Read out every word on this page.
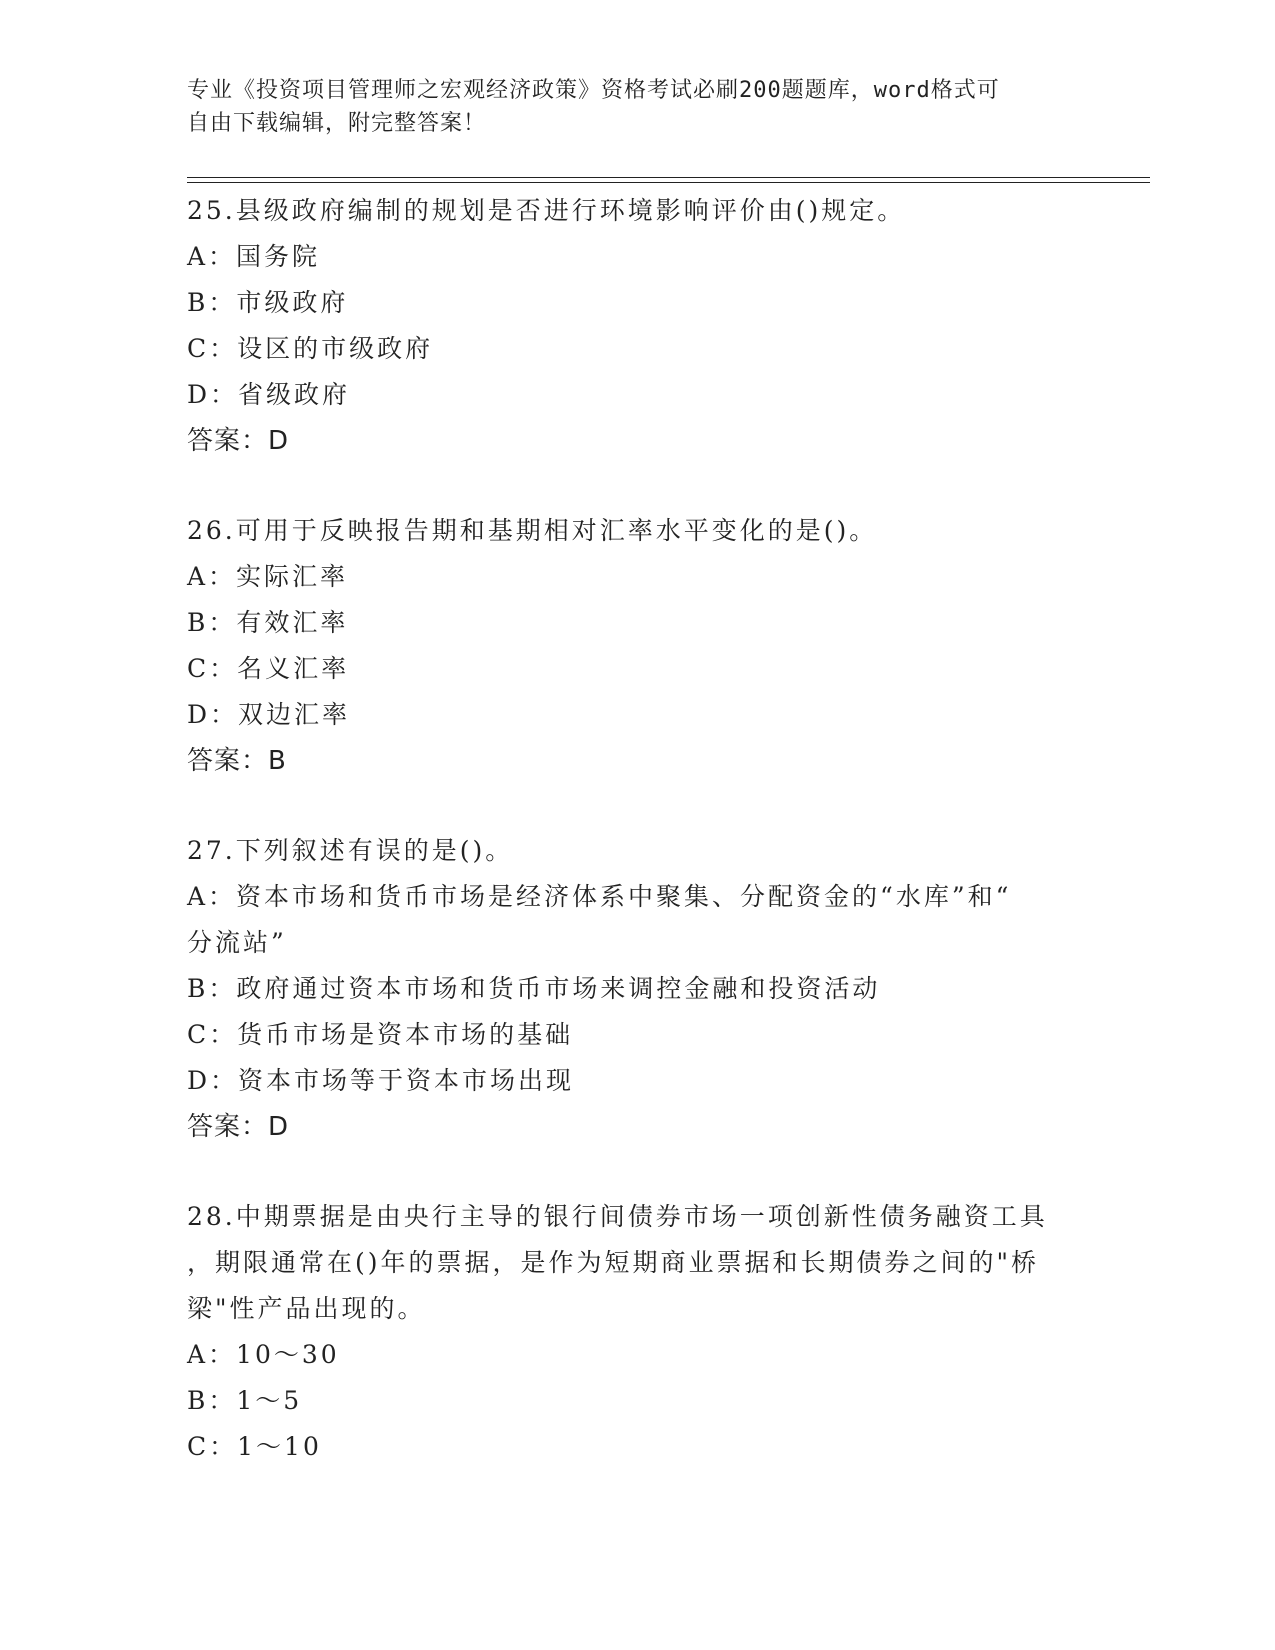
专业《投资项目管理师之宏观经济政策》资格考试必刷200题题库，word格式可
自由下载编辑，附完整答案！
25.县级政府编制的规划是否进行环境影响评价由()规定。
A：国务院
B：市级政府
C：设区的市级政府
D：省级政府
答案：D
26.可用于反映报告期和基期相对汇率水平变化的是()。
A：实际汇率
B：有效汇率
C：名义汇率
D：双边汇率
答案：B
27.下列叙述有误的是()。
A：资本市场和货币市场是经济体系中聚集、分配资金的“水库”和“
分流站”
B：政府通过资本市场和货币市场来调控金融和投资活动
C：货币市场是资本市场的基础
D：资本市场等于资本市场出现
答案：D
28.中期票据是由央行主导的银行间债券市场一项创新性债务融资工具
，期限通常在()年的票据，是作为短期商业票据和长期债券之间的"桥
梁"性产品出现的。
A：10～30
B：1～5
C：1～10
